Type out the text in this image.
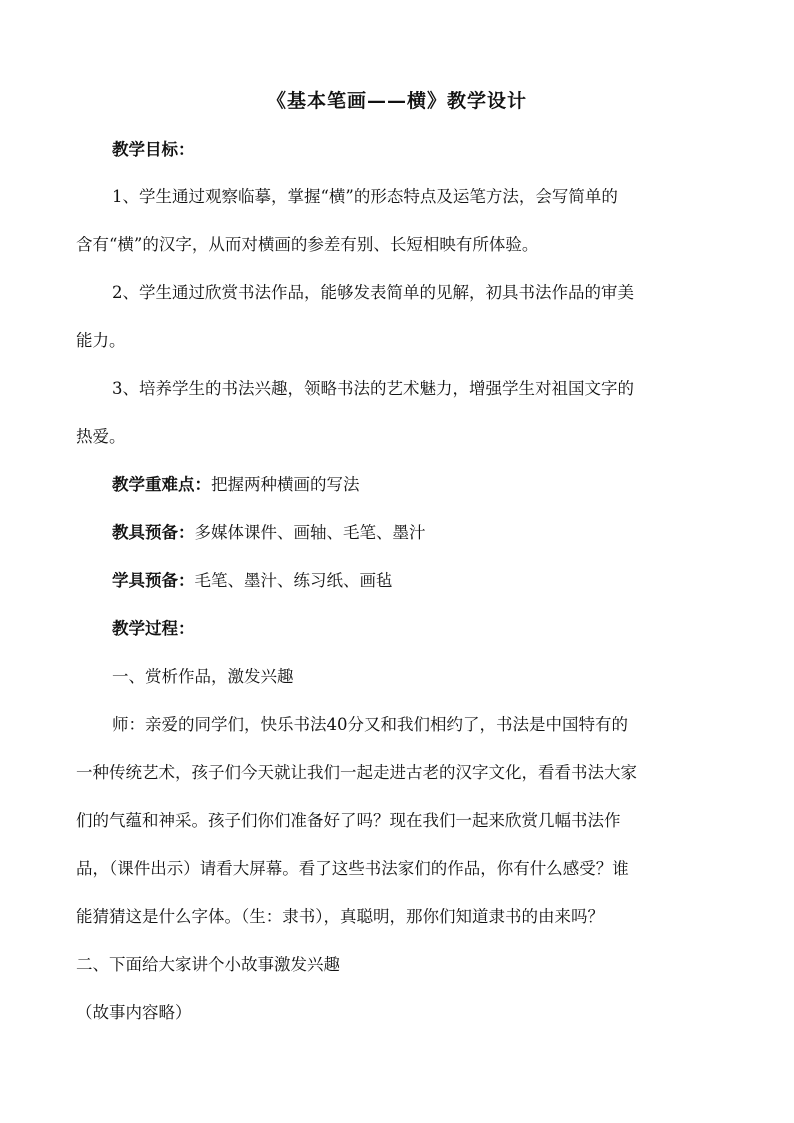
《基本笔画——横》教学设计
教学目标：
1、学生通过观察临摹，掌握“横”的形态特点及运笔方法，会写简单的
含有“横”的汉字，从而对横画的参差有别、长短相映有所体验。
2、学生通过欣赏书法作品，能够发表简单的见解，初具书法作品的审美
能力。
3、培养学生的书法兴趣，领略书法的艺术魅力，增强学生对祖国文字的
热爱。
教学重难点：把握两种横画的写法
教具预备：多媒体课件、画轴、毛笔、墨汁
学具预备：毛笔、墨汁、练习纸、画毡
教学过程：
一、赏析作品，激发兴趣
师：亲爱的同学们，快乐书法40分又和我们相约了，书法是中国特有的
一种传统艺术，孩子们今天就让我们一起走进古老的汉字文化，看看书法大家
们的气蕴和神采。孩子们你们准备好了吗？现在我们一起来欣赏几幅书法作
品，（课件出示）请看大屏幕。看了这些书法家们的作品，你有什么感受？谁
能猜猜这是什么字体。（生：隶书），真聪明，那你们知道隶书的由来吗？
二、下面给大家讲个小故事激发兴趣
（故事内容略）
